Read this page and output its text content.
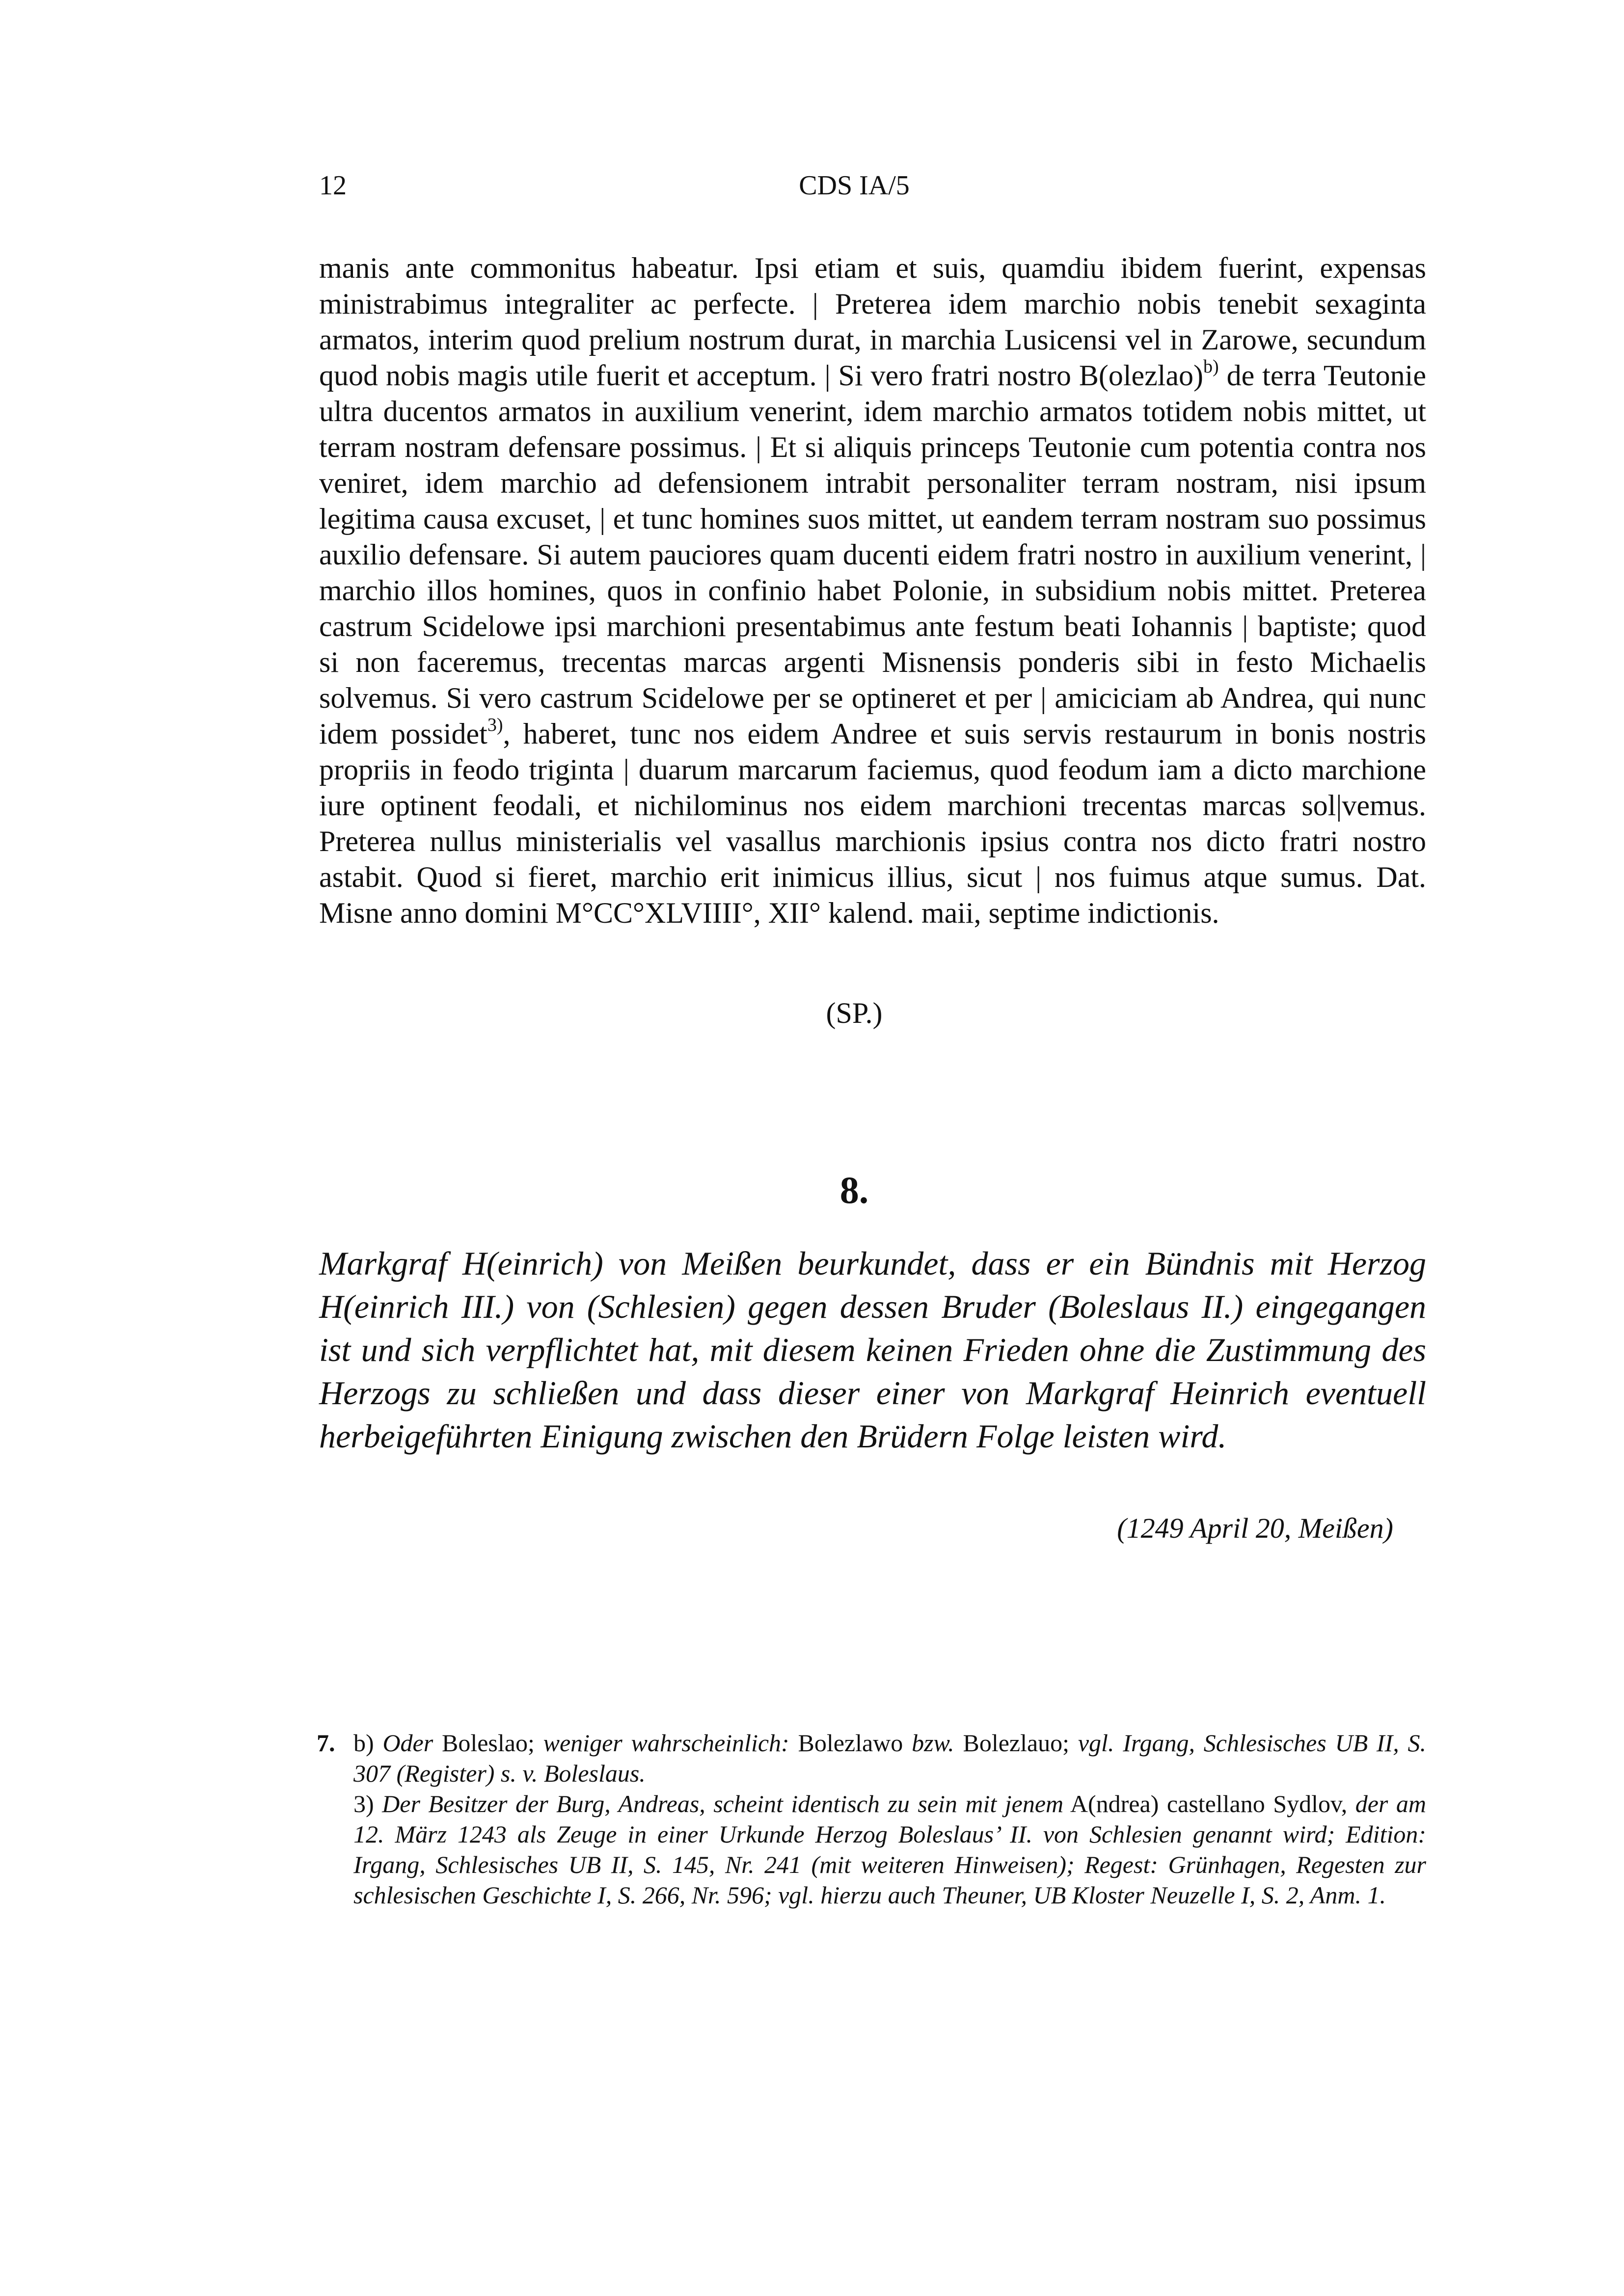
12	CDS IA/5

manis ante commonitus habeatur. Ipsi etiam et suis, quamdiu ibidem fuerint, expensas ministrabimus integraliter ac perfecte. | Preterea idem marchio nobis tenebit sexaginta armatos, interim quod prelium nostrum durat, in marchia Lusicensi vel in Zarowe, secundum quod nobis magis utile fuerit et acceptum. | Si vero fratri nostro B(olezlao)$^{b)}$ de terra Teutonie ultra ducentos armatos in auxilium venerint, idem marchio armatos totidem nobis mittet, ut terram nostram defensare possimus. | Et si aliquis princeps Teutonie cum potentia contra nos veniret, idem marchio ad defensionem intrabit personaliter terram nostram, nisi ipsum legitima causa excuset, | et tunc homines suos mittet, ut eandem terram nostram suo possimus auxilio defensare. Si autem pauciores quam ducenti eidem fratri nostro in auxilium venerint, | marchio illos homines, quos in confinio habet Polonie, in subsidium nobis mittet. Preterea castrum Scidelowe ipsi marchioni presentabimus ante festum beati Iohannis | baptiste; quod si non faceremus, trecentas marcas argenti Misnensis ponderis sibi in festo Michaelis solvemus. Si vero castrum Scidelowe per se optineret et per | amiciciam ab Andrea, qui nunc idem possidet$^{3)}$, haberet, tunc nos eidem Andree et suis servis restaurum in bonis nostris propriis in feodo triginta | duarum marcarum faciemus, quod feodum iam a dicto marchione iure optinent feodali, et nichilominus nos eidem marchioni trecentas marcas sol|vemus. Preterea nullus ministerialis vel vasallus marchionis ipsius contra nos dicto fratri nostro astabit. Quod si fieret, marchio erit inimicus illius, sicut | nos fuimus atque sumus. Dat. Misne anno domini M°CC°XLVIIII°, XII° kalend. maii, septime indictionis.

(SP.)
8.

Markgraf H(einrich) von Meißen beurkundet, dass er ein Bündnis mit Herzog H(einrich III.) von (Schlesien) gegen dessen Bruder (Boleslaus II.) eingegangen ist und sich verpflichtet hat, mit diesem keinen Frieden ohne die Zustimmung des Herzogs zu schließen und dass dieser einer von Markgraf Heinrich eventuell herbeigeführten Einigung zwischen den Brüdern Folge leisten wird.

(1249 April 20, Meißen)

7. b) Oder Boleslao; weniger wahrscheinlich: Bolezlawo bzw. Bolezlauo; vgl. Irgang, Schlesisches UB II, S. 307 (Register) s. v. Boleslaus.

3) Der Besitzer der Burg, Andreas, scheint identisch zu sein mit jenem A(ndrea) castellano Sydlov, der am 12. März 1243 als Zeuge in einer Urkunde Herzog Boleslaus’ II. von Schlesien genannt wird; Edition: Irgang, Schlesisches UB II, S. 145, Nr. 241 (mit weiteren Hinweisen); Regest: Grünhagen, Regesten zur schlesischen Geschichte I, S. 266, Nr. 596; vgl. hierzu auch Theuner, UB Kloster Neuzelle I, S. 2, Anm. 1.
